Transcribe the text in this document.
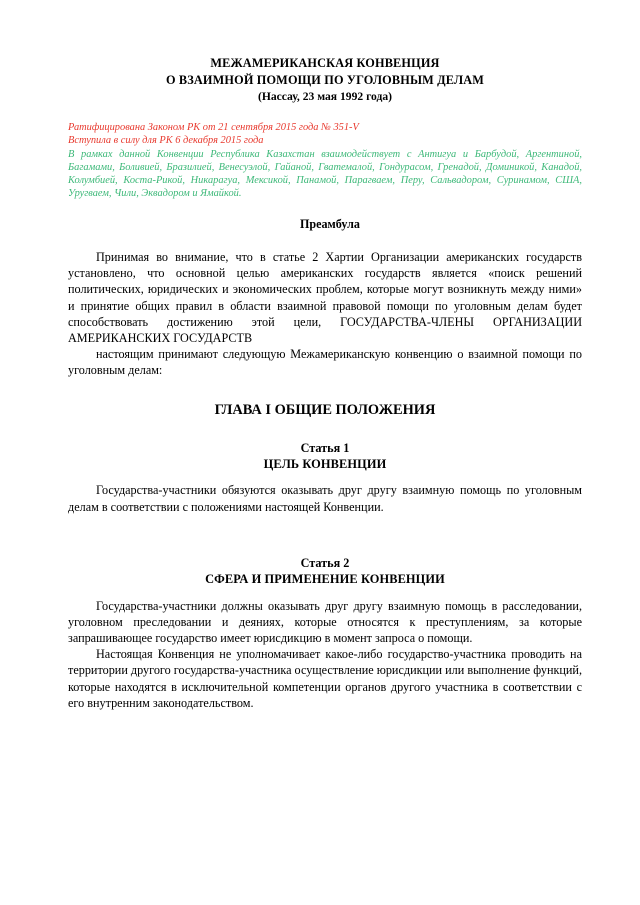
МЕЖАМЕРИКАНСКАЯ КОНВЕНЦИЯ
О ВЗАИМНОЙ ПОМОЩИ ПО УГОЛОВНЫМ ДЕЛАМ
(Нассау, 23 мая 1992 года)
Ратифицирована Законом РК от 21 сентября 2015 года № 351-V
Вступила в силу для РК 6 декабря 2015 года

В рамках данной Конвенции Республика Казахстан взаимодействует с Антигуа и Барбудой, Аргентиной, Багамами, Боливией, Бразилией, Венесуэлой, Гайаной, Гватемалой, Гондурасом, Гренадой, Доминикой, Канадой, Колумбией, Коста-Рикой, Никарагуа, Мексикой, Панамой, Парагваем, Перу, Сальвадором, Суринамом, США, Уругваем, Чили, Эквадором и Ямайкой.

Преамбула

Принимая во внимание, что в статье 2 Хартии Организации американских государств установлено, что основной целью американских государств является «поиск решений политических, юридических и экономических проблем, которые могут возникнуть между ними» и принятие общих правил в области взаимной правовой помощи по уголовным делам будет способствовать достижению этой цели, ГОСУДАРСТВА-ЧЛЕНЫ ОРГАНИЗАЦИИ АМЕРИКАНСКИХ ГОСУДАРСТВ

настоящим принимают следующую Межамериканскую конвенцию о взаимной помощи по уголовным делам:

ГЛАВА I ОБЩИЕ ПОЛОЖЕНИЯ
Статья 1
ЦЕЛЬ КОНВЕНЦИИ

Государства-участники обязуются оказывать друг другу взаимную помощь по уголовным делам в соответствии с положениями настоящей Конвенции.

Статья 2
СФЕРА И ПРИМЕНЕНИЕ КОНВЕНЦИИ

Государства-участники должны оказывать друг другу взаимную помощь в расследовании, уголовном преследовании и деяниях, которые относятся к преступлениям, за которые запрашивающее государство имеет юрисдикцию в момент запроса о помощи.

Настоящая Конвенция не уполномачивает какое-либо государство-участника проводить на территории другого государства-участника осуществление юрисдикции или выполнение функций, которые находятся в исключительной компетенции органов другого участника в соответствии с его внутренним законодательством.
